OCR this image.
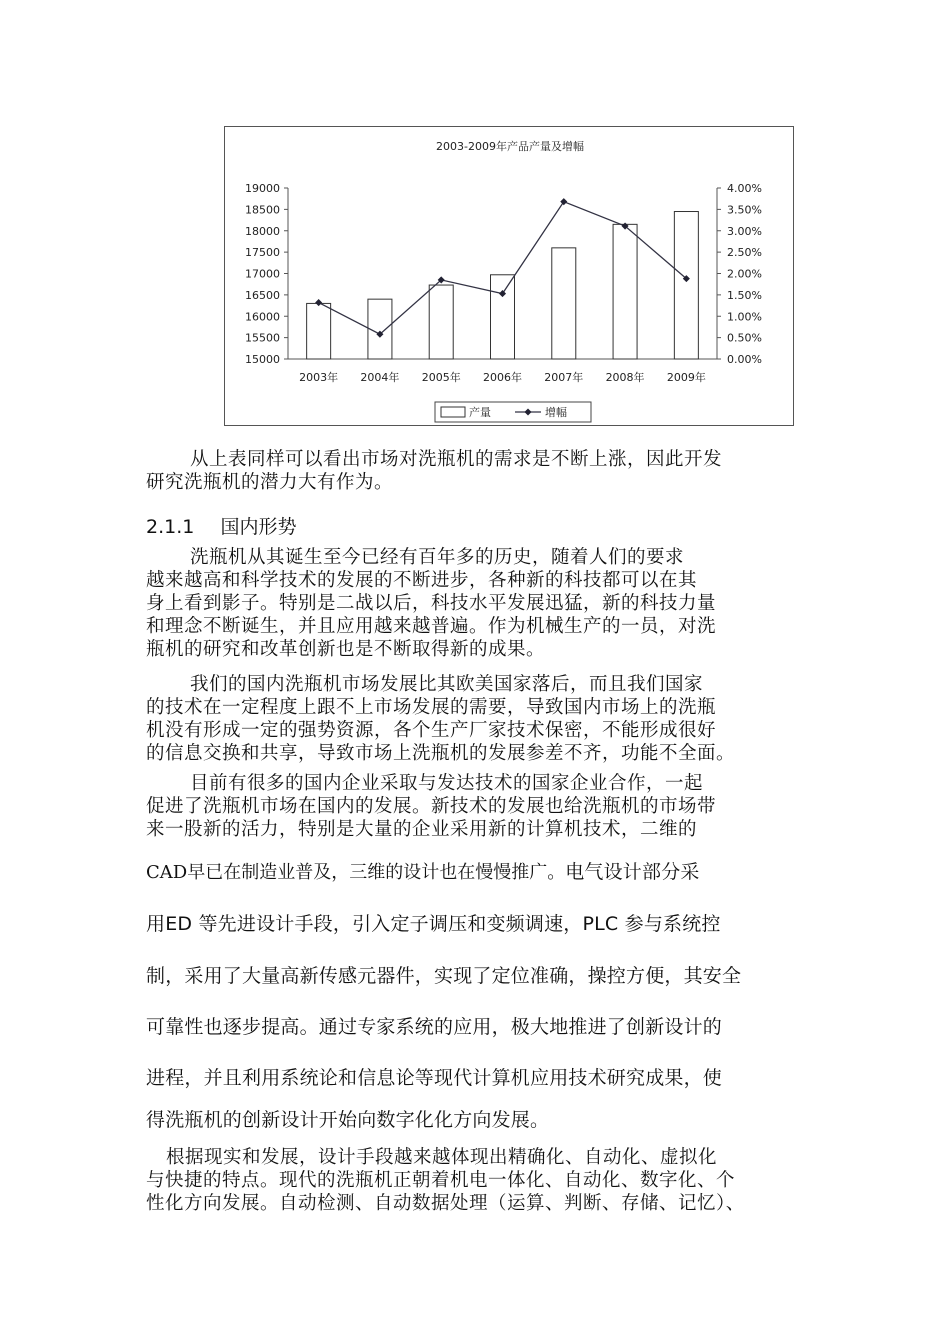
2003-2009年产品产量及增幅
19000
18500
18000
17500
17000
16500
16000
15500
15000
4.00%
3.50%
3.00%
2.50%
2.00%
1.50%
1.00%
0.50%
0.00%
2003年 2004年 2005年 2006年 2007年 2008年 2009年
产量	增幅
从上表同样可以看出市场对洗瓶机的需求是不断上涨，因此开发
研究洗瓶机的潜力大有作为。
2.1.1 国内形势
洗瓶机从其诞生至今已经有百年多的历史，随着人们的要求
越来越高和科学技术的发展的不断进步，各种新的科技都可以在其
身上看到影子。特别是二战以后，科技水平发展迅猛，新的科技力量
和理念不断诞生，并且应用越来越普遍。作为机械生产的一员，对洗
瓶机的研究和改革创新也是不断取得新的成果。
我们的国内洗瓶机市场发展比其欧美国家落后，而且我们国家
的技术在一定程度上跟不上市场发展的需要，导致国内市场上的洗瓶
机没有形成一定的强势资源，各个生产厂家技术保密，不能形成很好
的信息交换和共享，导致市场上洗瓶机的发展参差不齐，功能不全面。
目前有很多的国内企业采取与发达技术的国家企业合作，一起
促进了洗瓶机市场在国内的发展。新技术的发展也给洗瓶机的市场带
来一股新的活力，特别是大量的企业采用新的计算机技术，二维的
CAD早已在制造业普及，三维的设计也在慢慢推广。电气设计部分采
用ED 等先进设计手段，引入定子调压和变频调速，PLC 参与系统控
制，采用了大量高新传感元器件，实现了定位准确，操控方便，其安全
可靠性也逐步提高。通过专家系统的应用，极大地推进了创新设计的
进程，并且利用系统论和信息论等现代计算机应用技术研究成果，使
得洗瓶机的创新设计开始向数字化化方向发展。
根据现实和发展，设计手段越来越体现出精确化、自动化、虚拟化
与快捷的特点。现代的洗瓶机正朝着机电一体化、自动化、数字化、个
性化方向发展。自动检测、自动数据处理（运算、判断、存储、记忆）、
